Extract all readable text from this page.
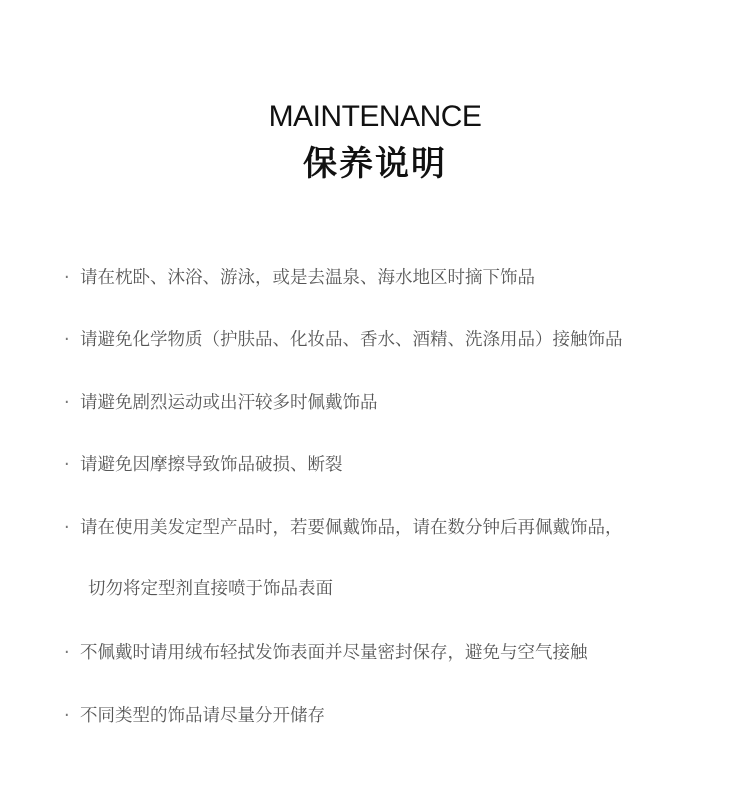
MAINTENANCE
保养说明
· 请在枕卧、沐浴、游泳，或是去温泉、海水地区时摘下饰品
· 请避免化学物质（护肤品、化妆品、香水、酒精、洗涤用品）接触饰品
· 请避免剧烈运动或出汗较多时佩戴饰品
· 请避免因摩擦导致饰品破损、断裂
· 请在使用美发定型产品时，若要佩戴饰品，请在数分钟后再佩戴饰品，
切勿将定型剂直接喷于饰品表面
· 不佩戴时请用绒布轻拭发饰表面并尽量密封保存，避免与空气接触
· 不同类型的饰品请尽量分开储存
